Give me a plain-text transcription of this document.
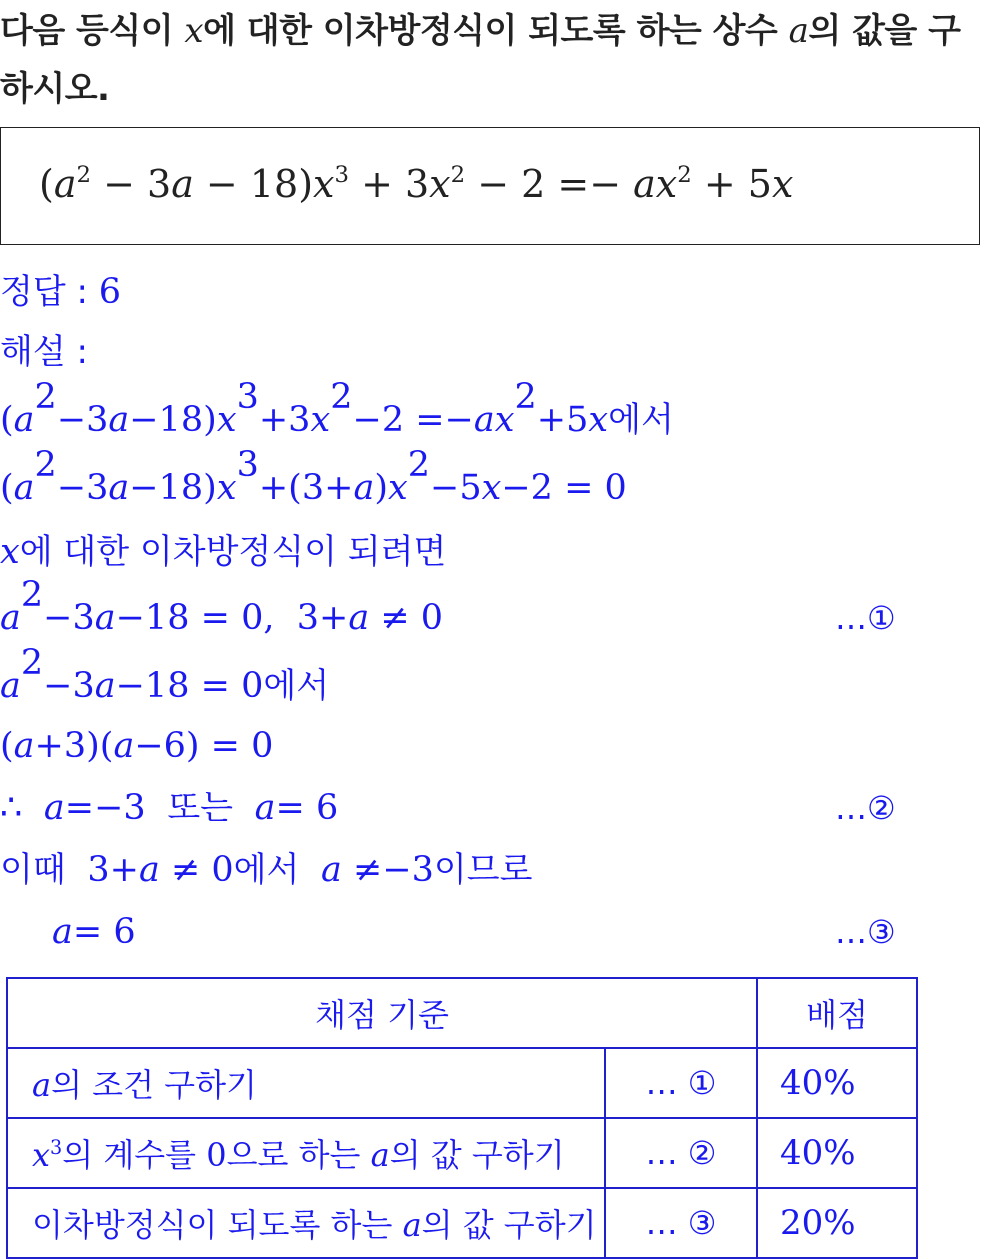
다음 등식이 x에 대한 이차방정식이 되도록 하는 상수 a의 값을 구하시오.
$(a^2 - 3a - 18)x^3 + 3x^2 - 2 =- ax^2 + 5x$
정답 : 6
해설 :
$(a^2-3a-18)x^3+3x^2-2 =-ax^2+5x$에서
$(a^2-3a-18)x^3+(3+a)x^2-5x-2 = 0$
x에 대한 이차방정식이 되려면
$a^2-3a-18 = 0$,  3+a ≠ 0	…①
$a^2-3a-18 = 0$에서
(a+3)(a−6) = 0
∴ a=−3 또는 a= 6	…②
이때 3+a ≠ 0에서 a ≠−3이므로
a= 6	…③
채점 기준		배점
a의 조건 구하기	… ①	40%
$x^3$의 계수를 0으로 하는 a의 값 구하기	… ②	40%
이차방정식이 되도록 하는 a의 값 구하기	… ③	20%
